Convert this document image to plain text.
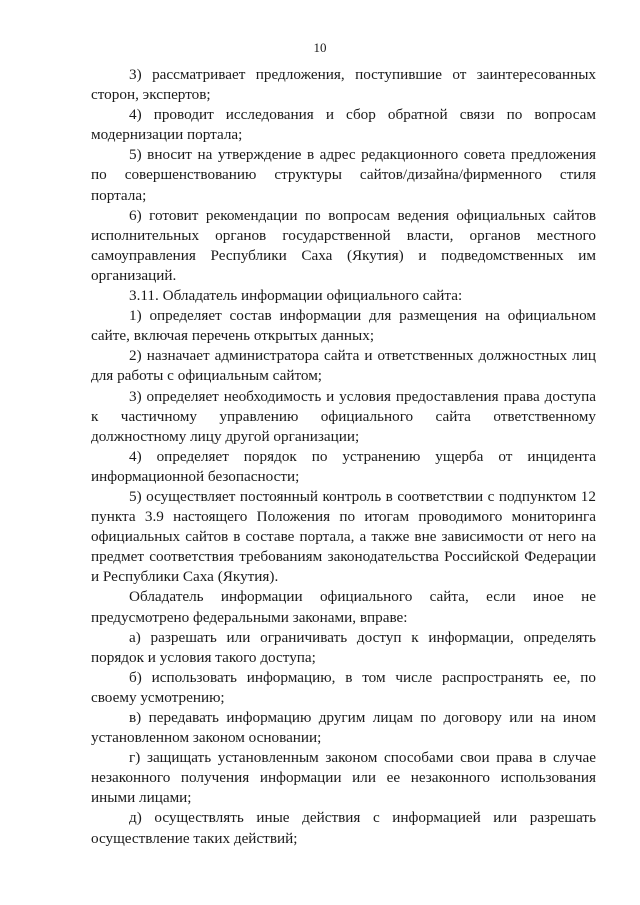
10

3) рассматривает предложения, поступившие от заинтересованных сторон, экспертов;

4) проводит исследования и сбор обратной связи по вопросам модернизации портала;

5) вносит на утверждение в адрес редакционного совета предложения по совершенствованию структуры сайтов/дизайна/фирменного стиля портала;

6) готовит рекомендации по вопросам ведения официальных сайтов исполнительных органов государственной власти, органов местного самоуправления Республики Саха (Якутия) и подведомственных им организаций.

3.11. Обладатель информации официального сайта:

1) определяет состав информации для размещения на официальном сайте, включая перечень открытых данных;

2) назначает администратора сайта и ответственных должностных лиц для работы с официальным сайтом;

3) определяет необходимость и условия предоставления права доступа к частичному управлению официального сайта ответственному должностному лицу другой организации;

4) определяет порядок по устранению ущерба от инцидента информационной безопасности;

5) осуществляет постоянный контроль в соответствии с подпунктом 12 пункта 3.9 настоящего Положения по итогам проводимого мониторинга официальных сайтов в составе портала, а также вне зависимости от него на предмет соответствия требованиям законодательства Российской Федерации и Республики Саха (Якутия).

Обладатель информации официального сайта, если иное не предусмотрено федеральными законами, вправе:

а) разрешать или ограничивать доступ к информации, определять порядок и условия такого доступа;

б) использовать информацию, в том числе распространять ее, по своему усмотрению;

в) передавать информацию другим лицам по договору или на ином установленном законом основании;

г) защищать установленным законом способами свои права в случае незаконного получения информации или ее незаконного использования иными лицами;

д) осуществлять иные действия с информацией или разрешать осуществление таких действий;
